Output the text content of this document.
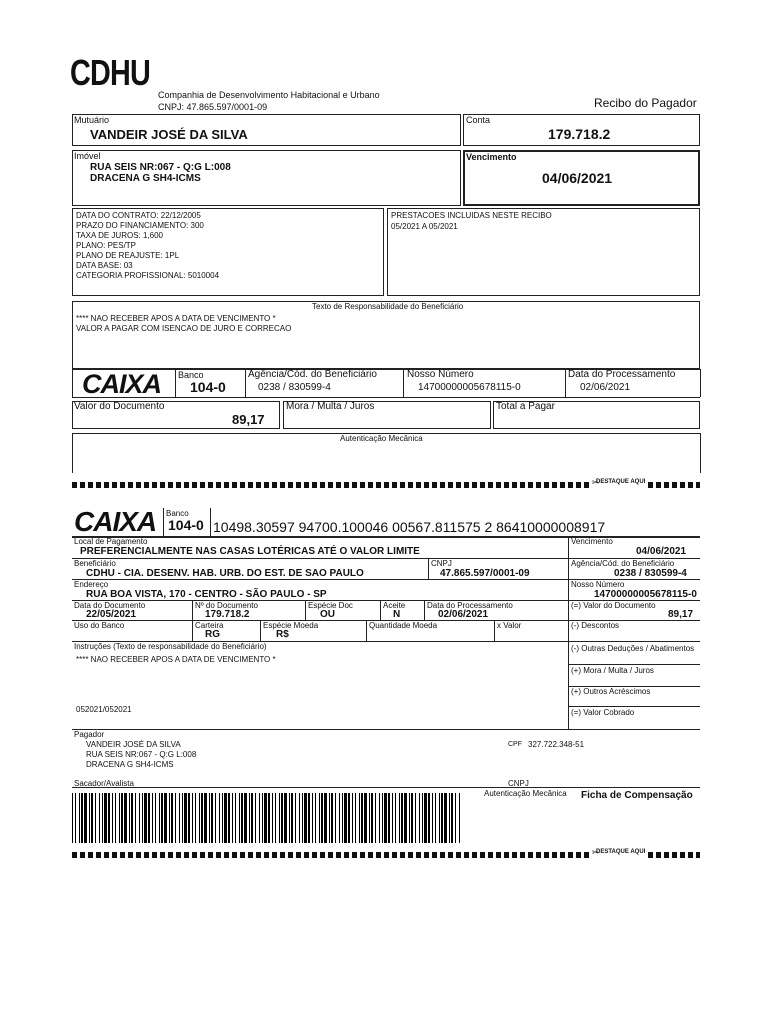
CDHU
Companhia de Desenvolvimento Habitacional e Urbano
CNPJ: 47.865.597/0001-09	Recibo do Pagador
Mutuário
VANDEIR JOSÉ DA SILVA
Conta
179.718.2
Imóvel
RUA SEIS NR:067 - Q:G L:008
DRACENA G SH4-ICMS
Vencimento
04/06/2021
DATA DO CONTRATO: 22/12/2005
PRAZO DO FINANCIAMENTO: 300
TAXA DE JUROS: 1,600
PLANO: PES/TP
PLANO DE REAJUSTE: 1PL
DATA BASE: 03
CATEGORIA PROFISSIONAL: 5010004
PRESTACOES INCLUIDAS NESTE RECIBO
05/2021 A 05/2021
Texto de Responsabilidade do Beneficiário
**** NAO RECEBER APOS A DATA DE VENCIMENTO *
VALOR A PAGAR COM ISENCAO DE JURO E CORRECAO
CAIXA Banco
104-0
Agência/Cód. do Beneficiário
0238 / 830599-4
Nosso Número
14700000005678115-0
Data do Processamento
02/06/2021
Valor do Documento
89,17
Mora / Multa / Juros	Total a Pagar
Autenticação Mecânica
✂
DESTAQUE AQUI
CAIXA Banco
104-0 10498.30597 94700.100046 00567.811575 2 86410000008917
Local de Pagamento
PREFERENCIALMENTE NAS CASAS LOTÉRICAS ATÉ O VALOR LIMITE
Vencimento
04/06/2021
Beneficiário
CDHU - CIA. DESENV. HAB. URB. DO EST. DE SAO PAULO
CNPJ
47.865.597/0001-09
Agência/Cód. do Beneficiário
0238 / 830599-4
Endereço
RUA BOA VISTA, 170 - CENTRO - SÃO PAULO - SP
Nosso Número
14700000005678115-0
Data do Documento
22/05/2021
Nº do Documento
179.718.2
Espécie Doc
OU
Aceite
N
Data do Processamento
02/06/2021
(=) Valor do Documento
89,17
Uso do Banco	Carteira
RG
Espécie Moeda
R$
Quantidade Moeda	x Valor	(-) Descontos
Instruções (Texto de responsabilidade do Beneficiário)
**** NAO RECEBER APOS A DATA DE VENCIMENTO *
052021/052021
(-) Outras Deduções / Abatimentos
(+) Mora / Multa / Juros
(+) Outros Acréscimos
(=) Valor Cobrado
Pagador
VANDEIR JOSÉ DA SILVA
RUA SEIS NR:067 - Q:G L:008
DRACENA G SH4-ICMS
CPF 327.722.348-51
Sacador/Avalista	CNPJ
Autenticação Mecânica Ficha de Compensação
✂
DESTAQUE AQUI
